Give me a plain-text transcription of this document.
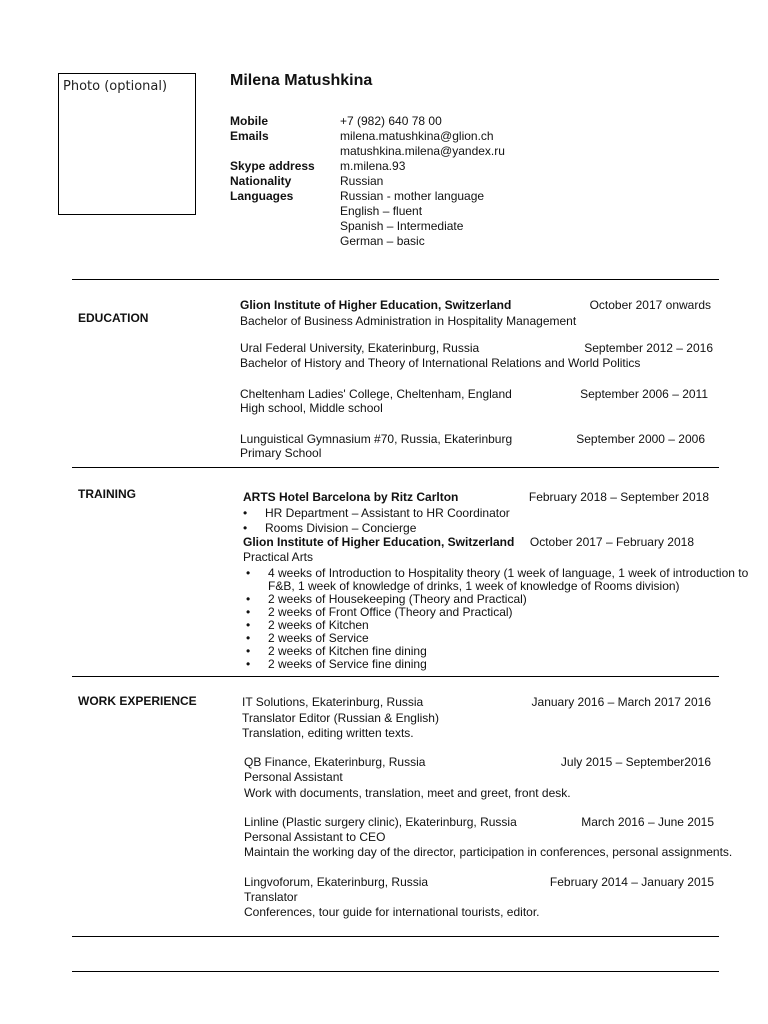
Photo (optional)	Milena Matushkina
Mobile	+7 (982) 640 78 00
Emails	milena.matushkina@glion.ch
matushkina.milena@yandex.ru
Skype address m.milena.93
Nationality	Russian
Languages	Russian - mother language
English – fluent
Spanish – Intermediate
German – basic
EDUCATION
Glion Institute of Higher Education, Switzerland	October 2017 onwards
Bachelor of Business Administration in Hospitality Management
Ural Federal University, Ekaterinburg, Russia	September 2012 – 2016
Bachelor of History and Theory of International Relations and World Politics
Cheltenham Ladies' College, Cheltenham, England	September 2006 – 2011
High school, Middle school
Lunguistical Gymnasium #70, Russia, Ekaterinburg	September 2000 – 2006
Primary School
TRAINING	ARTS Hotel Barcelona by Ritz Carlton	February 2018 – September 2018
• HR Department – Assistant to HR Coordinator
• Rooms Division – Concierge
Glion Institute of Higher Education, Switzerland October 2017 – February 2018
Practical Arts
• 4 weeks of Introduction to Hospitality theory (1 week of language, 1 week of introduction to
F&B, 1 week of knowledge of drinks, 1 week of knowledge of Rooms division)
• 2 weeks of Housekeeping (Theory and Practical)
• 2 weeks of Front Office (Theory and Practical)
• 2 weeks of Kitchen
• 2 weeks of Service
• 2 weeks of Kitchen fine dining
• 2 weeks of Service fine dining
WORK EXPERIENCE	IT Solutions, Ekaterinburg, Russia	January 2016 – March 2017 2016
Translator Editor (Russian & English)
Translation, editing written texts.
QB Finance, Ekaterinburg, Russia	July 2015 – September2016
Personal Assistant
Work with documents, translation, meet and greet, front desk.
Linline (Plastic surgery clinic), Ekaterinburg, Russia	March 2016 – June 2015
Personal Assistant to CEO
Maintain the working day of the director, participation in conferences, personal assignments.
Lingvoforum, Ekaterinburg, Russia	February 2014 – January 2015
Translator
Conferences, tour guide for international tourists, editor.
